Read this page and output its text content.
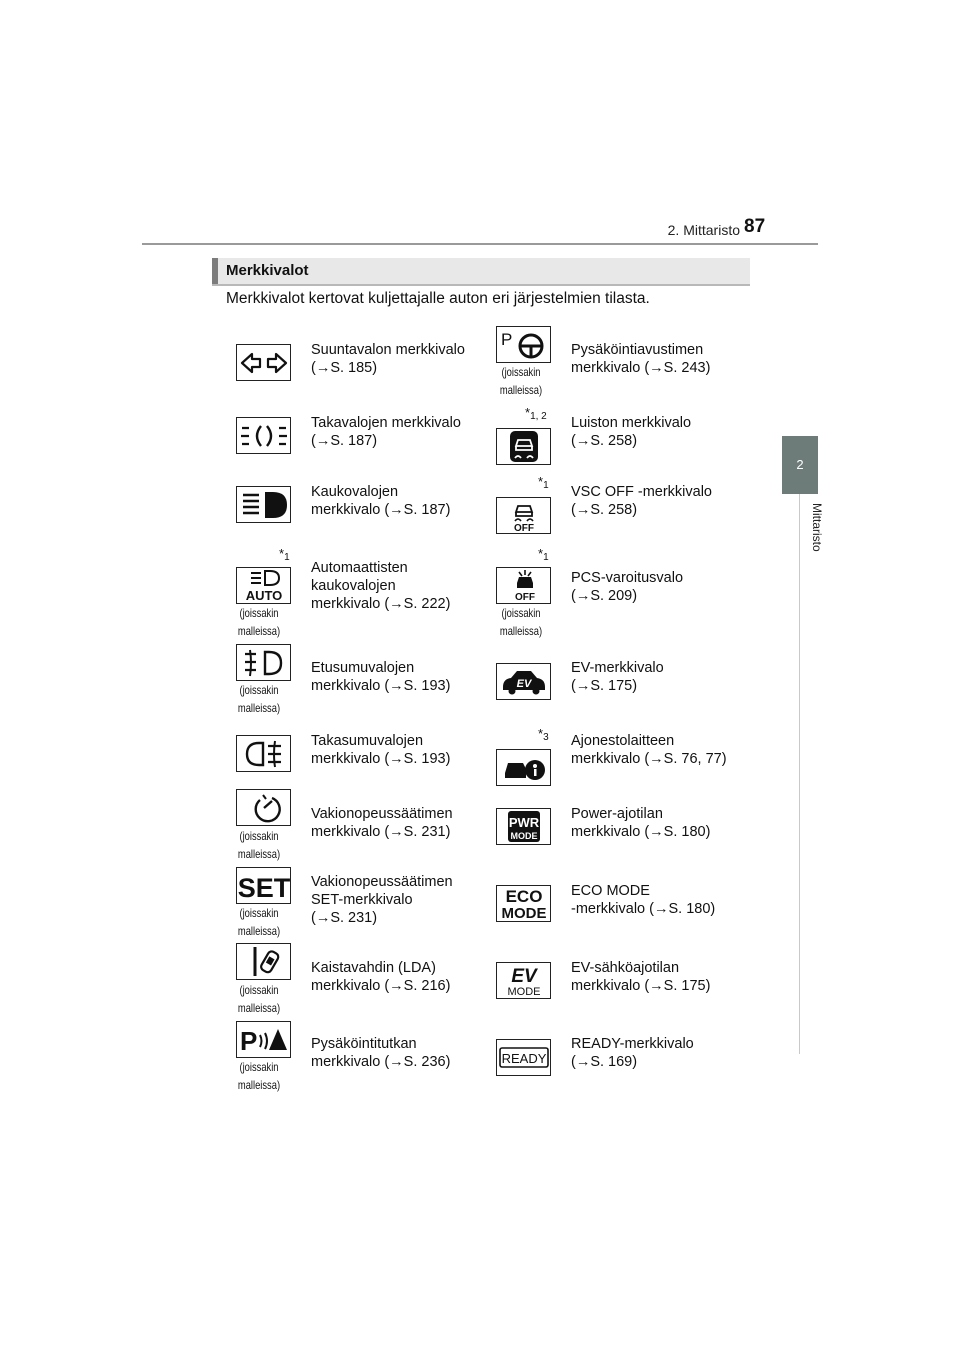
2. Mittaristo 87
2
Mittaristo
Merkkivalot
Merkkivalot kertovat kuljettajalle auton eri järjestelmien tilasta.
Suuntavalon merkkivalo
(→S. 185)
Takavalojen merkkivalo
(→S. 187)
Kaukovalojen
merkkivalo (→S. 187)
$*_1$
AUTO
(joissakin malleissa)
Automaattisten
kaukovalojen
merkkivalo (→S. 222)
(joissakin malleissa)
Etusumuvalojen
merkkivalo (→S. 193)
Takasumuvalojen
merkkivalo (→S. 193)
(joissakin malleissa)
Vakionopeussäätimen
merkkivalo (→S. 231)
SET
(joissakin malleissa)
Vakionopeussäätimen
SET-merkkivalo
(→S. 231)
(joissakin malleissa)
Kaistavahdin (LDA)
merkkivalo (→S. 216)
P
(joissakin malleissa)
Pysäköintitutkan
merkkivalo (→S. 236)
P
(joissakin malleissa)
Pysäköintiavustimen
merkkivalo (→S. 243)
$*_{1, 2}$ Luiston merkkivalo
(→S. 258)
$*_1$
OFF
VSC OFF -merkkivalo
(→S. 258)
$*_1$
OFF
(joissakin malleissa)
PCS-varoitusvalo
(→S. 209)
EV
EV-merkkivalo
(→S. 175)
$*_3$ Ajonestolaitteen
merkkivalo (→S. 76, 77)
PWR
MODE
Power-ajotilan
merkkivalo (→S. 180)
ECO
MODE
ECO MODE
-merkkivalo (→S. 180)
EV
MODE
EV-sähköajotilan
merkkivalo (→S. 175)
READY
READY-merkkivalo
(→S. 169)
